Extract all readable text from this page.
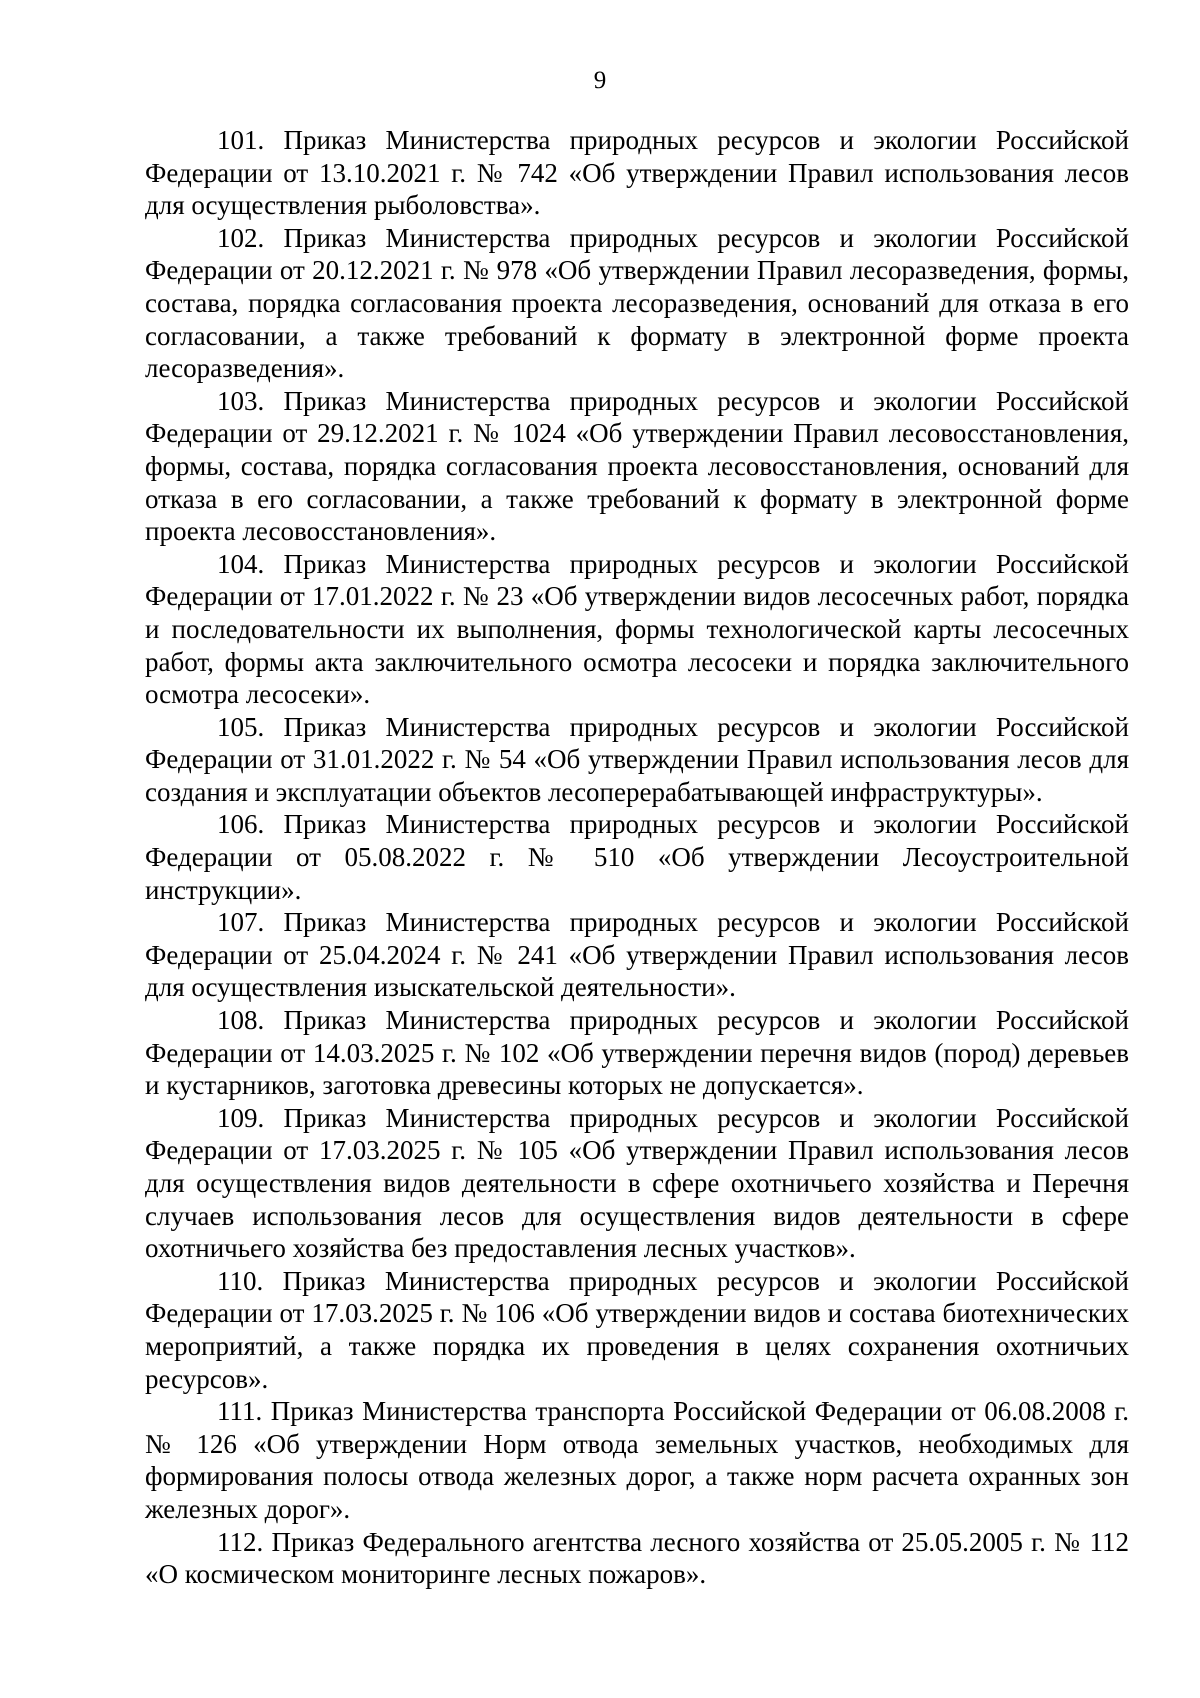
9

101. Приказ Министерства природных ресурсов и экологии Российской Федерации от 13.10.2021 г. № 742 «Об утверждении Правил использования лесов для осуществления рыболовства».

102. Приказ Министерства природных ресурсов и экологии Российской Федерации от 20.12.2021 г. № 978 «Об утверждении Правил лесоразведения, формы, состава, порядка согласования проекта лесоразведения, оснований для отказа в его согласовании, а также требований к формату в электронной форме проекта лесоразведения».

103. Приказ Министерства природных ресурсов и экологии Российской Федерации от 29.12.2021 г. № 1024 «Об утверждении Правил лесовосстановления, формы, состава, порядка согласования проекта лесовосстановления, оснований для отказа в его согласовании, а также требований к формату в электронной форме проекта лесовосстановления».

104. Приказ Министерства природных ресурсов и экологии Российской Федерации от 17.01.2022 г. № 23 «Об утверждении видов лесосечных работ, порядка и последовательности их выполнения, формы технологической карты лесосечных работ, формы акта заключительного осмотра лесосеки и порядка заключительного осмотра лесосеки».

105. Приказ Министерства природных ресурсов и экологии Российской Федерации от 31.01.2022 г. № 54 «Об утверждении Правил использования лесов для создания и эксплуатации объектов лесоперерабатывающей инфраструктуры».

106. Приказ Министерства природных ресурсов и экологии Российской Федерации от 05.08.2022 г. № 510 «Об утверждении Лесоустроительной инструкции».

107. Приказ Министерства природных ресурсов и экологии Российской Федерации от 25.04.2024 г. № 241 «Об утверждении Правил использования лесов для осуществления изыскательской деятельности».

108. Приказ Министерства природных ресурсов и экологии Российской Федерации от 14.03.2025 г. № 102 «Об утверждении перечня видов (пород) деревьев и кустарников, заготовка древесины которых не допускается».

109. Приказ Министерства природных ресурсов и экологии Российской Федерации от 17.03.2025 г. № 105 «Об утверждении Правил использования лесов для осуществления видов деятельности в сфере охотничьего хозяйства и Перечня случаев использования лесов для осуществления видов деятельности в сфере охотничьего хозяйства без предоставления лесных участков».

110. Приказ Министерства природных ресурсов и экологии Российской Федерации от 17.03.2025 г. № 106 «Об утверждении видов и состава биотехнических мероприятий, а также порядка их проведения в целях сохранения охотничьих ресурсов».

111. Приказ Министерства транспорта Российской Федерации от 06.08.2008 г. № 126 «Об утверждении Норм отвода земельных участков, необходимых для формирования полосы отвода железных дорог, а также норм расчета охранных зон железных дорог».

112. Приказ Федерального агентства лесного хозяйства от 25.05.2005 г. № 112 «О космическом мониторинге лесных пожаров».
